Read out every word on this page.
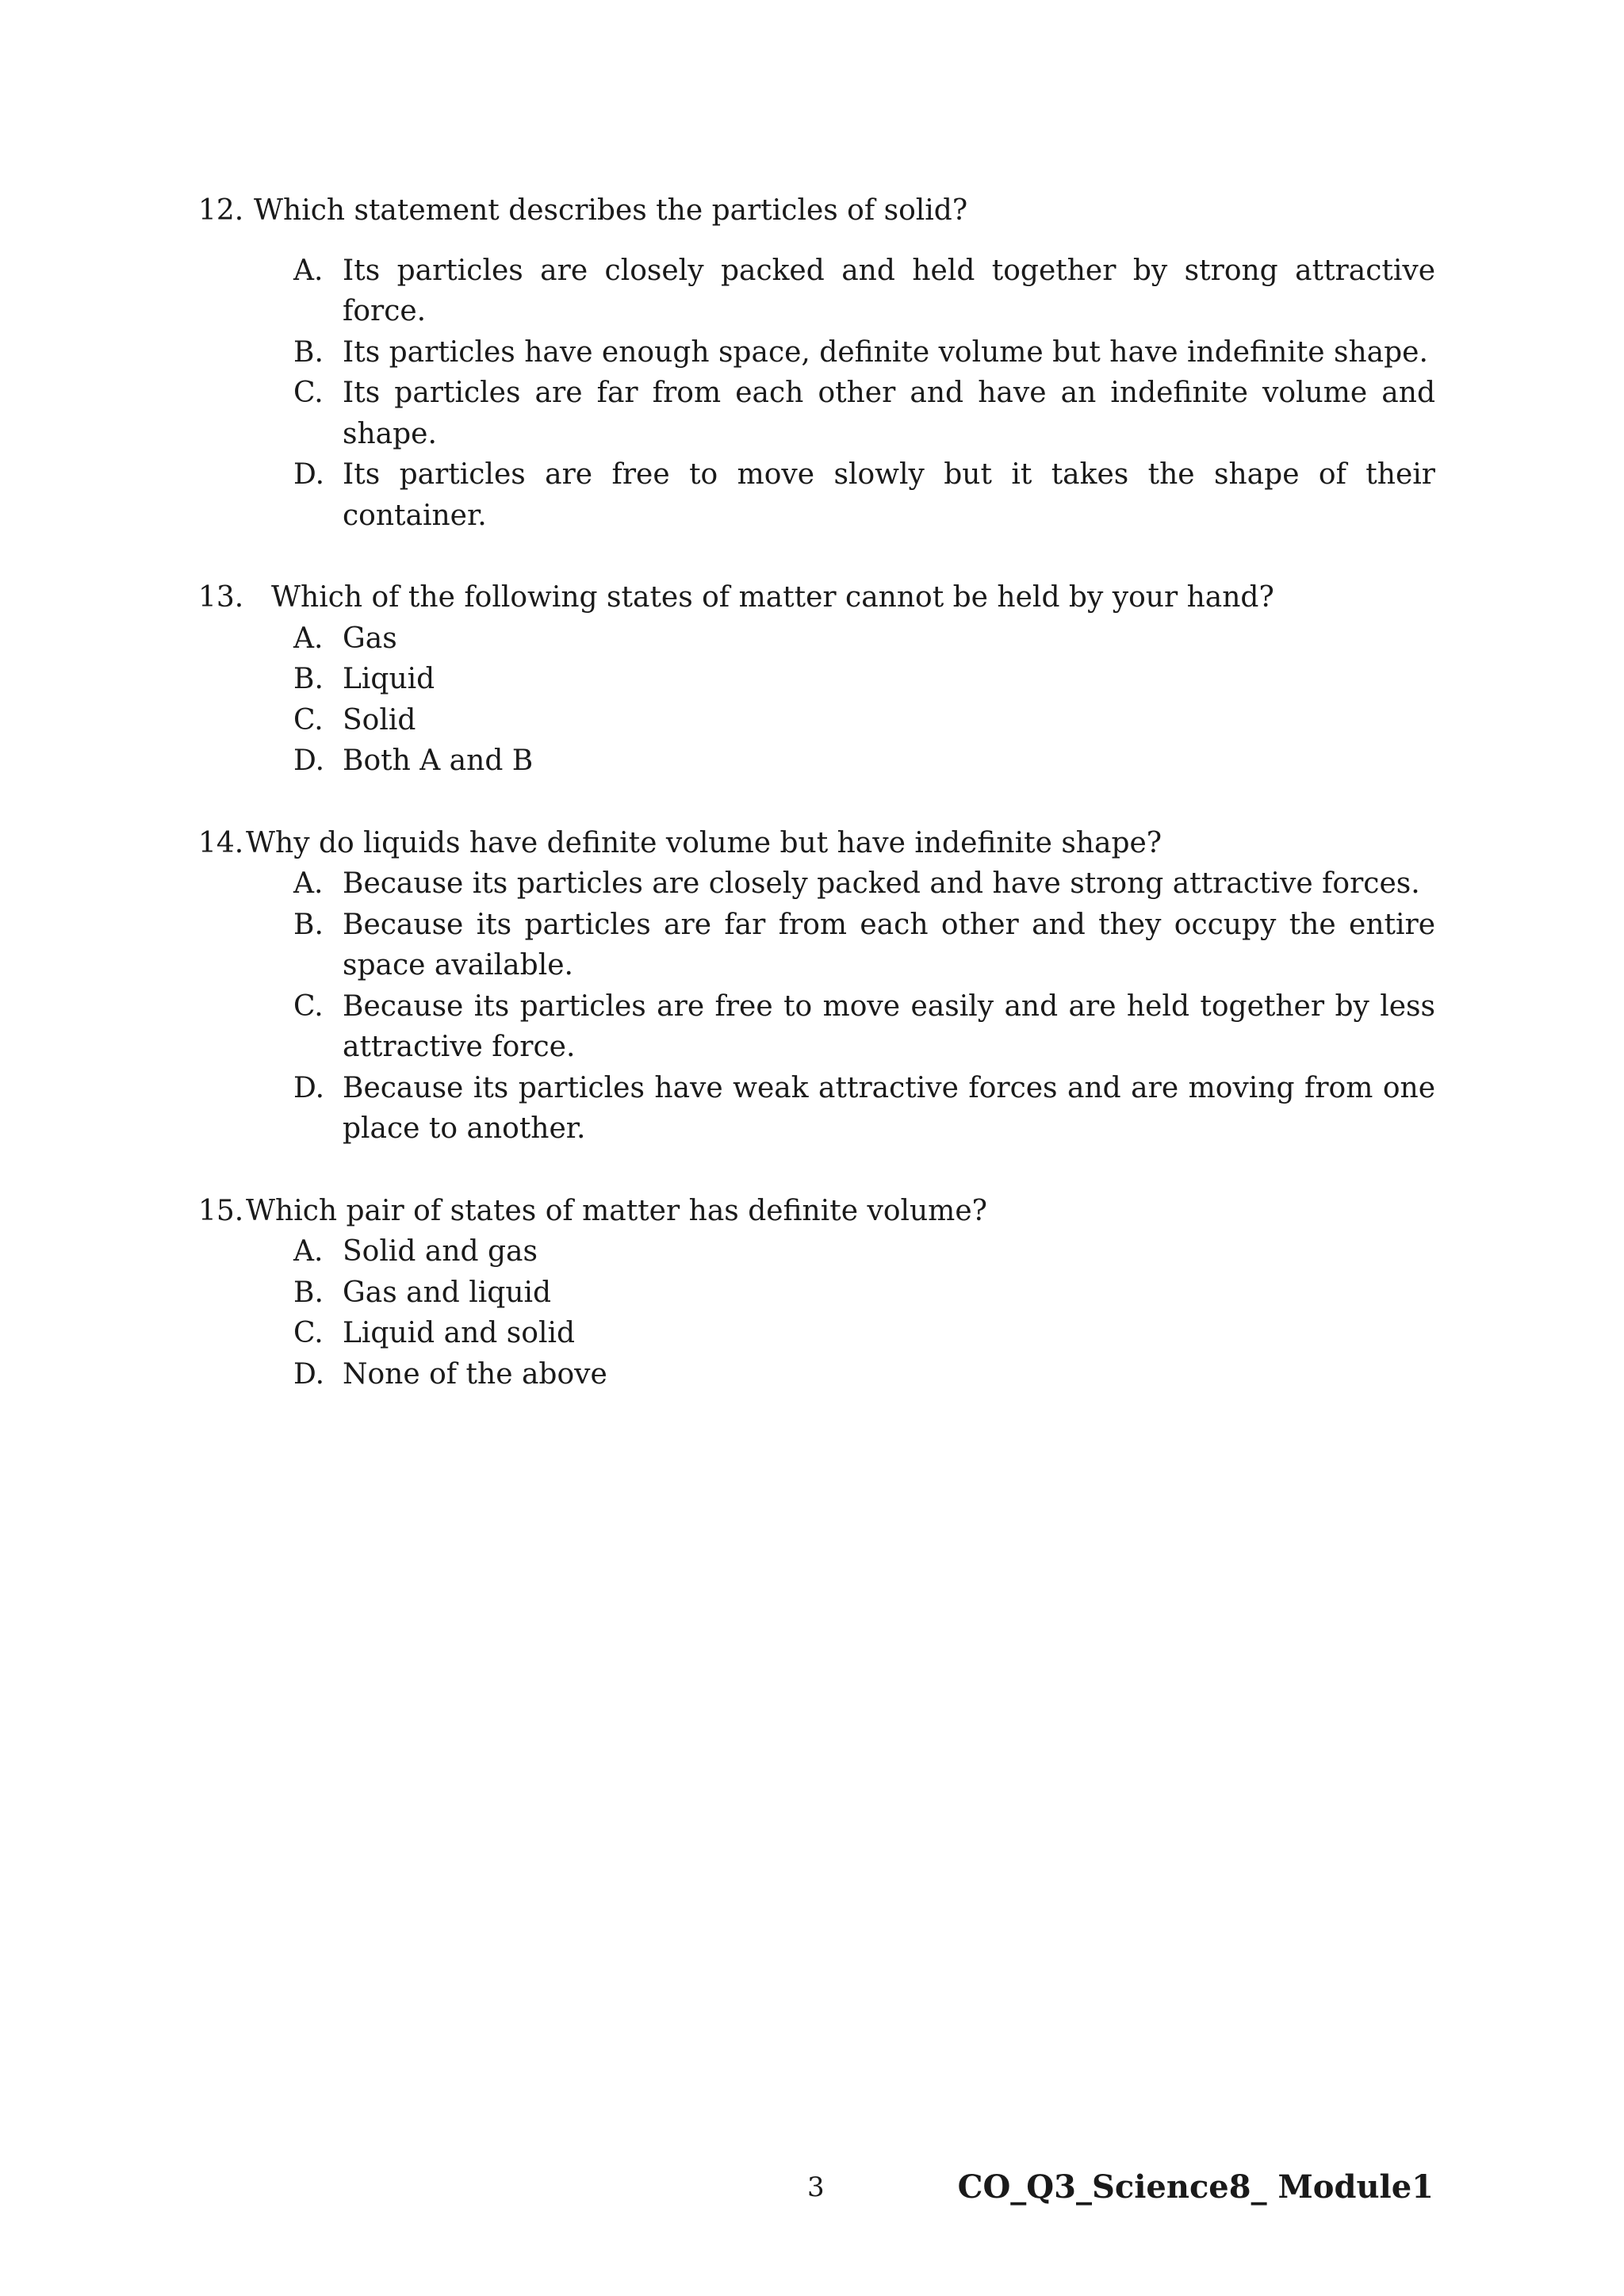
12. Which statement describes the particles of solid?
A. Its particles are closely packed and held together by strong attractive force.
B. Its particles have enough space, definite volume but have indefinite shape.
C. Its particles are far from each other and have an indefinite volume and shape.
D. Its particles are free to move slowly but it takes the shape of their container.
13. Which of the following states of matter cannot be held by your hand?
A. Gas
B. Liquid
C. Solid
D. Both A and B
14. Why do liquids have definite volume but have indefinite shape?
A. Because its particles are closely packed and have strong attractive forces.
B. Because its particles are far from each other and they occupy the entire space available.
C. Because its particles are free to move easily and are held together by less attractive force.
D. Because its particles have weak attractive forces and are moving from one place to another.
15. Which pair of states of matter has definite volume?
A. Solid and gas
B. Gas and liquid
C. Liquid and solid
D. None of the above
3	CO_Q3_Science8_ Module1
